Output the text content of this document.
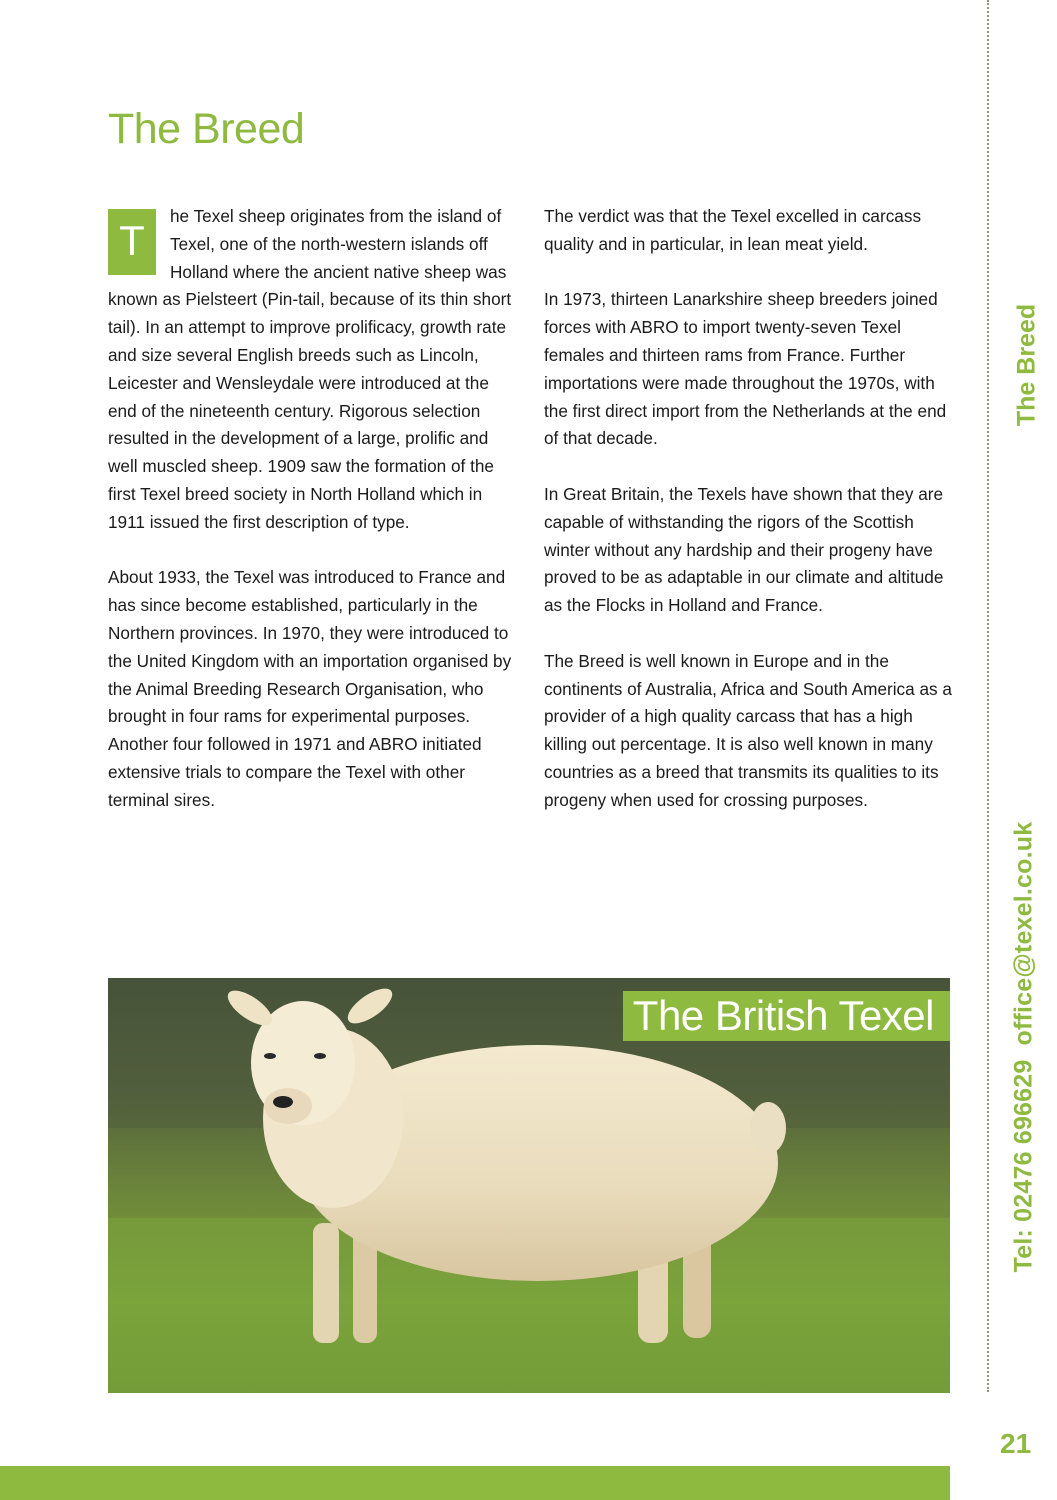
The Breed

T
he Texel sheep originates from the island of Texel, one of the north-western islands off Holland where the ancient native sheep was known as Pielsteert (Pin-tail, because of its thin short tail). In an attempt to improve prolificacy, growth rate and size several English breeds such as Lincoln, Leicester and Wensleydale were introduced at the end of the nineteenth century. Rigorous selection resulted in the development of a large, prolific and well muscled sheep. 1909 saw the formation of the first Texel breed society in North Holland which in 1911 issued the first description of type.

About 1933, the Texel was introduced to France and has since become established, particularly in the Northern provinces. In 1970, they were introduced to the United Kingdom with an importation organised by the Animal Breeding Research Organisation, who brought in four rams for experimental purposes. Another four followed in 1971 and ABRO initiated extensive trials to compare the Texel with other terminal sires.

The verdict was that the Texel excelled in carcass quality and in particular, in lean meat yield.

In 1973, thirteen Lanarkshire sheep breeders joined forces with ABRO to import twenty-seven Texel females and thirteen rams from France. Further importations were made throughout the 1970s, with the first direct import from the Netherlands at the end of that decade.

In Great Britain, the Texels have shown that they are capable of withstanding the rigors of the Scottish winter without any hardship and their progeny have proved to be as adaptable in our climate and altitude as the Flocks in Holland and France.

The Breed is well known in Europe and in the continents of Australia, Africa and South America as a provider of a high quality carcass that has a high killing out percentage. It is also well known in many countries as a breed that transmits its qualities to its progeny when used for crossing purposes.

The British Texel
The Breed
Tel: 02476 696629office@texel.co.uk
21
